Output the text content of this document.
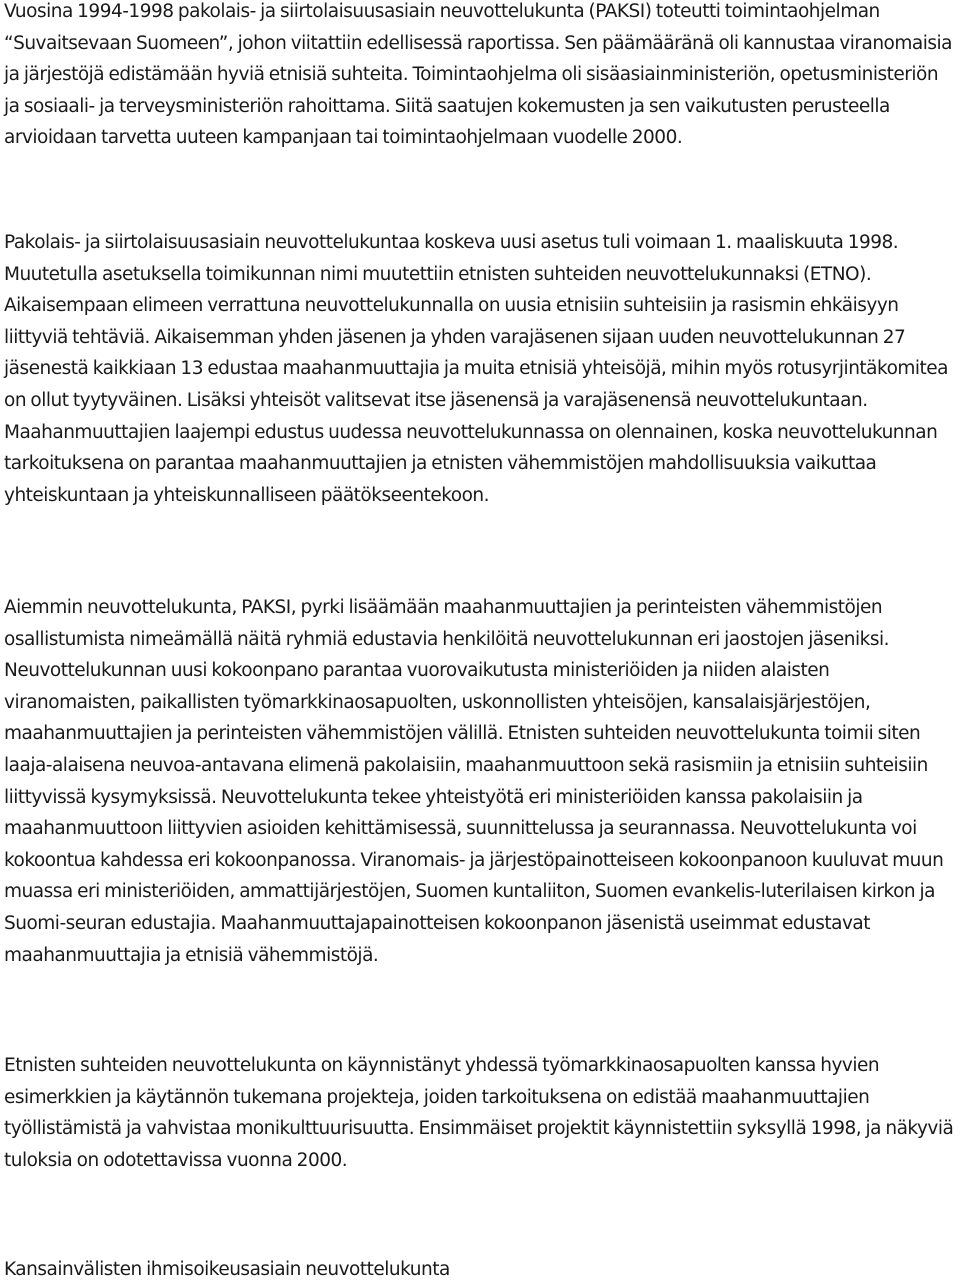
Vuosina 1994-1998 pakolais- ja siirtolaisuusasiain neuvottelukunta (PAKSI) toteutti toimintaohjelman “Suvaitsevaan Suomeen”, johon viitattiin edellisessä raportissa. Sen päämääränä oli kannustaa viranomaisia ja järjestöjä edistämään hyviä etnisiä suhteita. Toimintaohjelma oli sisäasiainministeriön, opetusministeriön ja sosiaali- ja terveysministeriön rahoittama. Siitä saatujen kokemusten ja sen vaikutusten perusteella arvioidaan tarvetta uuteen kampanjaan tai toimintaohjelmaan vuodelle 2000.

Pakolais- ja siirtolaisuusasiain neuvottelukuntaa koskeva uusi asetus tuli voimaan 1. maaliskuuta 1998. Muutetulla asetuksella toimikunnan nimi muutettiin etnisten suhteiden neuvottelukunnaksi (ETNO). Aikaisempaan elimeen verrattuna neuvottelukunnalla on uusia etnisiin suhteisiin ja rasismin ehkäisyyn liittyviä tehtäviä. Aikaisemman yhden jäsenen ja yhden varajäsenen sijaan uuden neuvottelukunnan 27 jäsenestä kaikkiaan 13 edustaa maahanmuuttajia ja muita etnisiä yhteisöjä, mihin myös rotusyrjintäkomitea on ollut tyytyväinen. Lisäksi yhteisöt valitsevat itse jäsenensä ja varajäsenensä neuvottelukuntaan. Maahanmuuttajien laajempi edustus uudessa neuvottelukunnassa on olennainen, koska neuvottelukunnan tarkoituksena on parantaa maahanmuuttajien ja etnisten vähemmistöjen mahdollisuuksia vaikuttaa yhteiskuntaan ja yhteiskunnalliseen päätökseentekoon.

Aiemmin neuvottelukunta, PAKSI, pyrki lisäämään maahanmuuttajien ja perinteisten vähemmistöjen osallistumista nimeämällä näitä ryhmiä edustavia henkilöitä neuvottelukunnan eri jaostojen jäseniksi. Neuvottelukunnan uusi kokoonpano parantaa vuorovaikutusta ministeriöiden ja niiden alaisten viranomaisten, paikallisten työmarkkinaosapuolten, uskonnollisten yhteisöjen, kansalaisjärjestöjen, maahanmuuttajien ja perinteisten vähemmistöjen välillä. Etnisten suhteiden neuvottelukunta toimii siten laaja-alaisena neuvoa-antavana elimenä pakolaisiin, maahanmuuttoon sekä rasismiin ja etnisiin suhteisiin liittyvissä kysymyksissä. Neuvottelukunta tekee yhteistyötä eri ministeriöiden kanssa pakolaisiin ja maahanmuuttoon liittyvien asioiden kehittämisessä, suunnittelussa ja seurannassa. Neuvottelukunta voi kokoontua kahdessa eri kokoonpanossa. Viranomais- ja järjestöpainotteiseen kokoonpanoon kuuluvat muun muassa eri ministeriöiden, ammattijärjestöjen, Suomen kuntaliiton, Suomen evankelis-luterilaisen kirkon ja Suomi-seuran edustajia. Maahanmuuttajapainotteisen kokoonpanon jäsenistä useimmat edustavat maahanmuuttajia ja etnisiä vähemmistöjä.

Etnisten suhteiden neuvottelukunta on käynnistänyt yhdessä työmarkkinaosapuolten kanssa hyvien esimerkkien ja käytännön tukemana projekteja, joiden tarkoituksena on edistää maahanmuuttajien työllistämistä ja vahvistaa monikulttuurisuutta. Ensimmäiset projektit käynnistettiin syksyllä 1998, ja näkyviä tuloksia on odotettavissa vuonna 2000.

Kansainvälisten ihmisoikeusasiain neuvottelukunta
